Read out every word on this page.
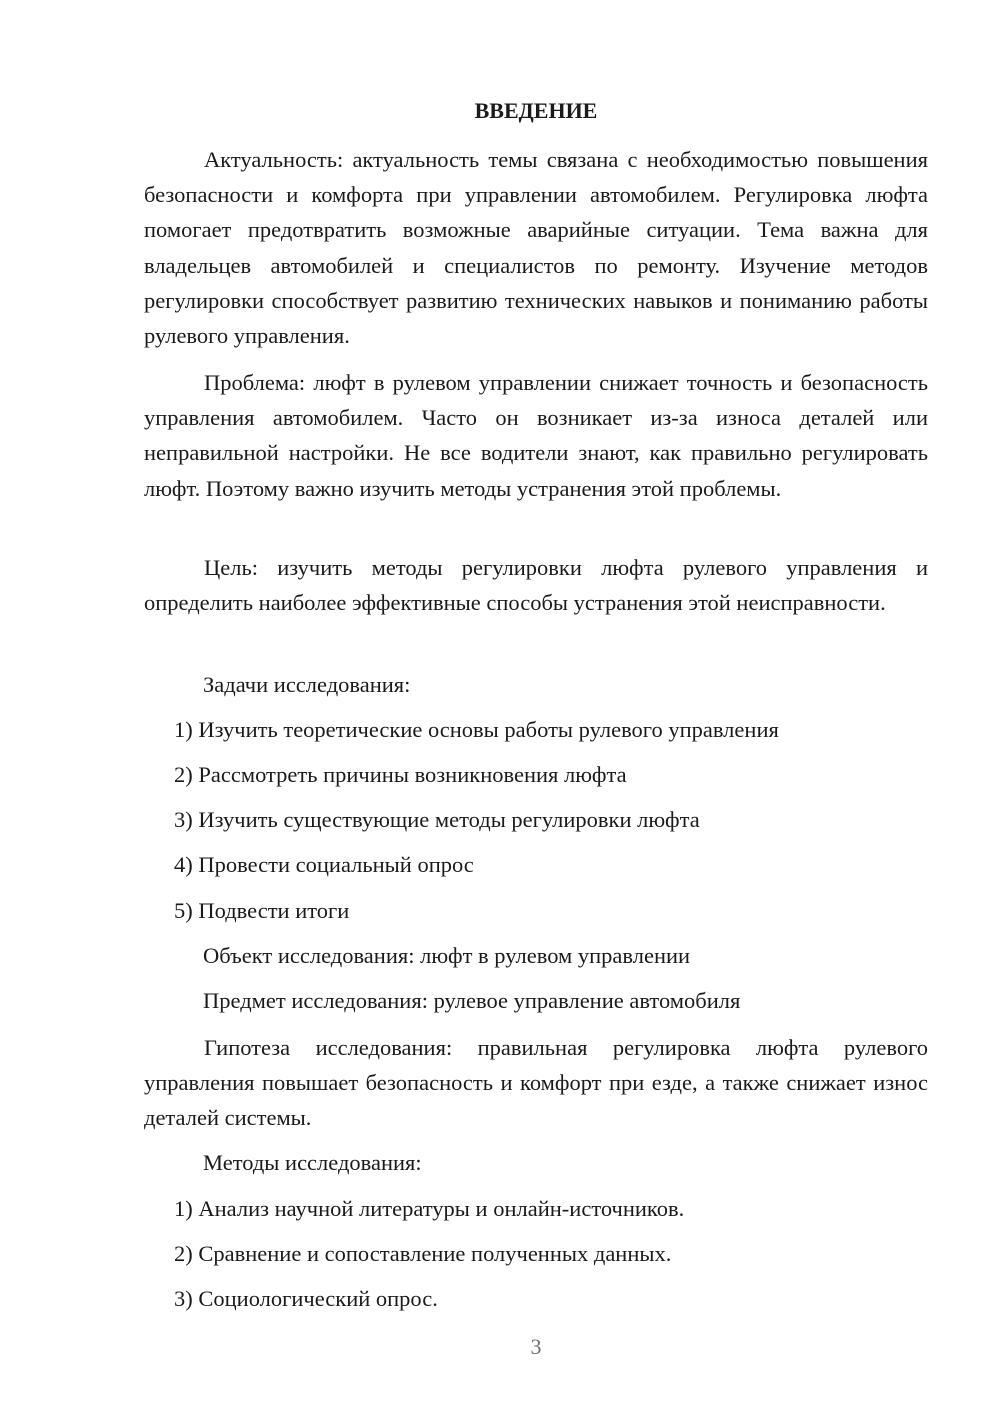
ВВЕДЕНИЕ

Актуальность: актуальность темы связана с необходимостью повышения безопасности и комфорта при управлении автомобилем. Регулировка люфта помогает предотвратить возможные аварийные ситуации. Тема важна для владельцев автомобилей и специалистов по ремонту. Изучение методов регулировки способствует развитию технических навыков и пониманию работы рулевого управления.

Проблема: люфт в рулевом управлении снижает точность и безопасность управления автомобилем. Часто он возникает из-за износа деталей или неправильной настройки. Не все водители знают, как правильно регулировать люфт. Поэтому важно изучить методы устранения этой проблемы.

Цель: изучить методы регулировки люфта рулевого управления и определить наиболее эффективные способы устранения этой неисправности.

Задачи исследования:

1) Изучить теоретические основы работы рулевого управления

2) Рассмотреть причины возникновения люфта

3) Изучить существующие методы регулировки люфта

4) Провести социальный опрос

5) Подвести итоги

Объект исследования: люфт в рулевом управлении

Предмет исследования: рулевое управление автомобиля

Гипотеза исследования: правильная регулировка люфта рулевого управления повышает безопасность и комфорт при езде, а также снижает износ деталей системы.

Методы исследования:

1) Анализ научной литературы и онлайн-источников.

2) Сравнение и сопоставление полученных данных.

3) Социологический опрос.

3
